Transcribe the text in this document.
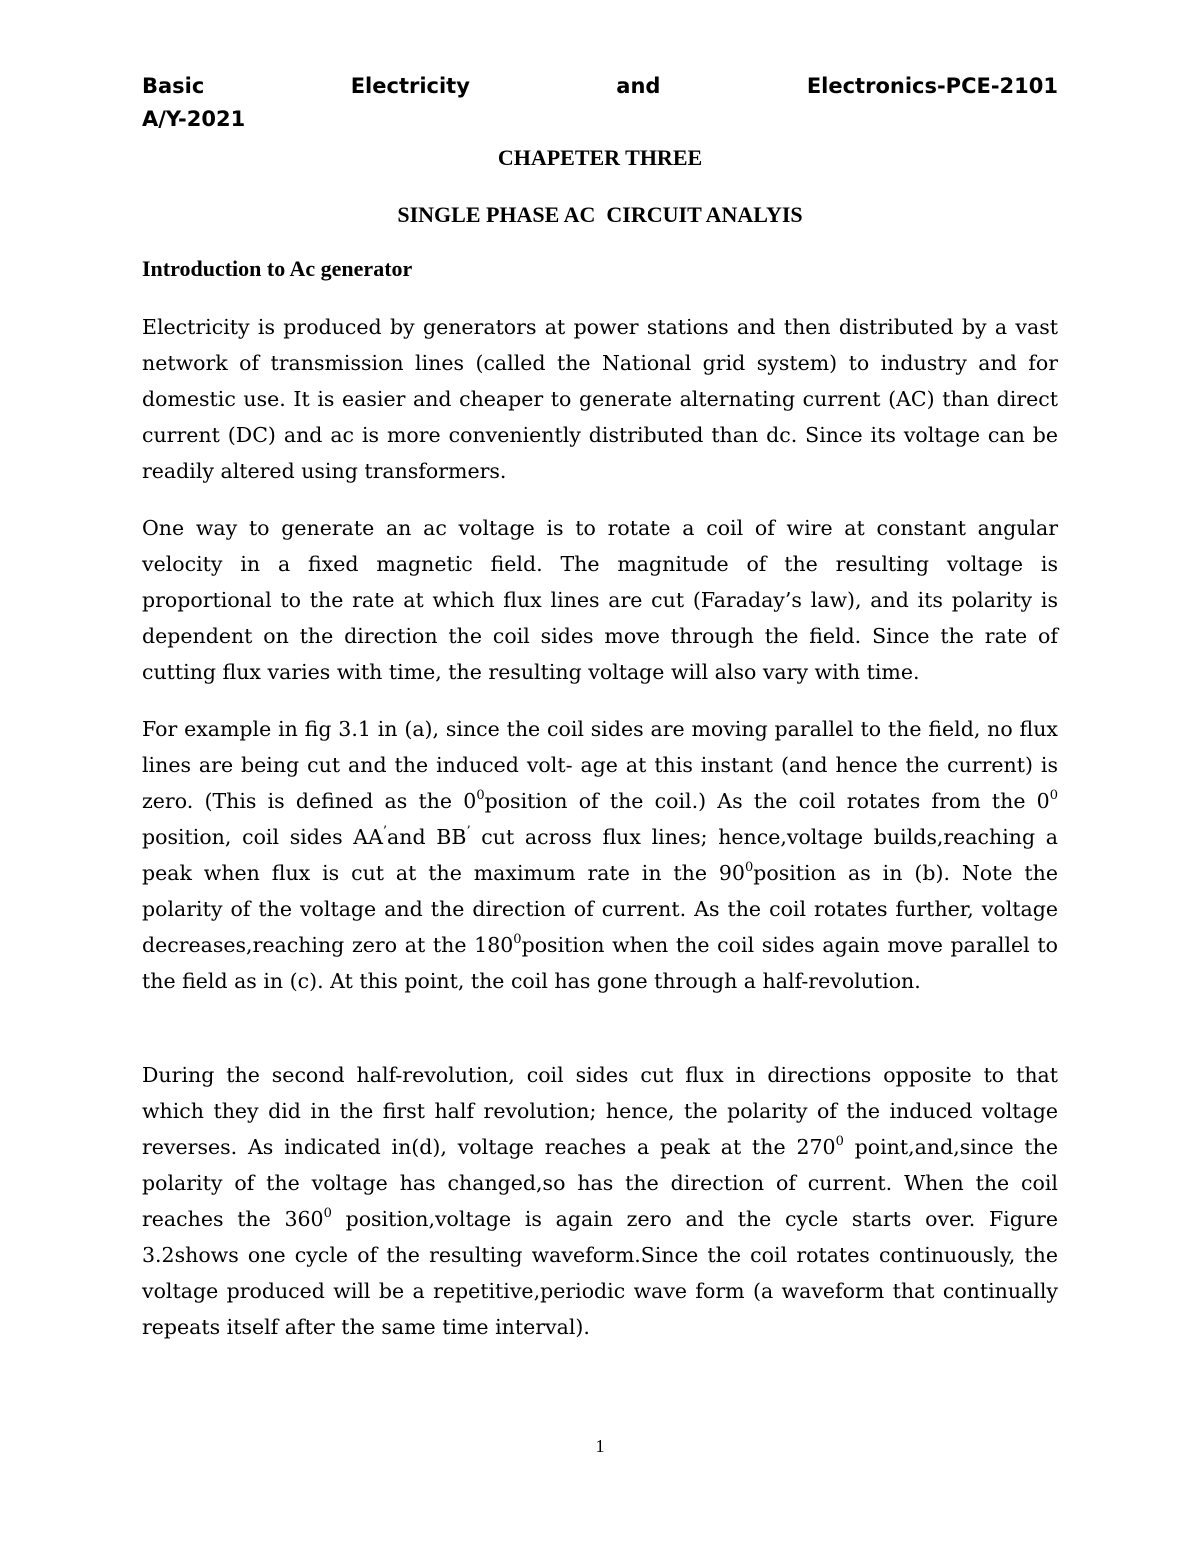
Basic	Electricity	and	Electronics-PCE-2101
A/Y-2021
CHAPETER THREE
SINGLE PHASE AC  CIRCUIT ANALYIS
Introduction to Ac generator

Electricity is produced by generators at power stations and then distributed by a vast network of transmission lines (called the National grid system) to industry and for domestic use. It is easier and cheaper to generate alternating current (AC) than direct current (DC) and ac is more conveniently distributed than dc. Since its voltage can be readily altered using transformers.

One way to generate an ac voltage is to rotate a coil of wire at constant angular velocity in a fixed magnetic field. The magnitude of the resulting voltage is proportional to the rate at which flux lines are cut (Faraday’s law), and its polarity is dependent on the direction the coil sides move through the field. Since the rate of cutting flux varies with time, the resulting voltage will also vary with time.

For example in fig 3.1 in (a), since the coil sides are moving parallel to the field, no flux lines are being cut and the induced volt- age at this instant (and hence the current) is zero. (This is defined as the $0^0position$ of the coil.) As the coil rotates from the $0^0$ position, coil sides AA’and BB’ cut across flux lines; hence,voltage builds,reaching a peak when flux is cut at the maximum rate in the $90^0position$ as in (b). Note the polarity of the voltage and the direction of current. As the coil rotates further, voltage decreases,reaching zero at the $180^0position$ when the coil sides again move parallel to the field as in (c). At this point, the coil has gone through a half-revolution.

During the second half-revolution, coil sides cut flux in directions opposite to that which they did in the first half revolution; hence, the polarity of the induced voltage reverses. As indicated in(d), voltage reaches a peak at the $270^0$ point,and,since the polarity of the voltage has changed,so has the direction of current. When the coil reaches the $360^0$ position,voltage is again zero and the cycle starts over. Figure 3.2shows one cycle of the resulting waveform.Since the coil rotates continuously, the voltage produced will be a repetitive,periodic wave form (a waveform that continually repeats itself after the same time interval).

1
